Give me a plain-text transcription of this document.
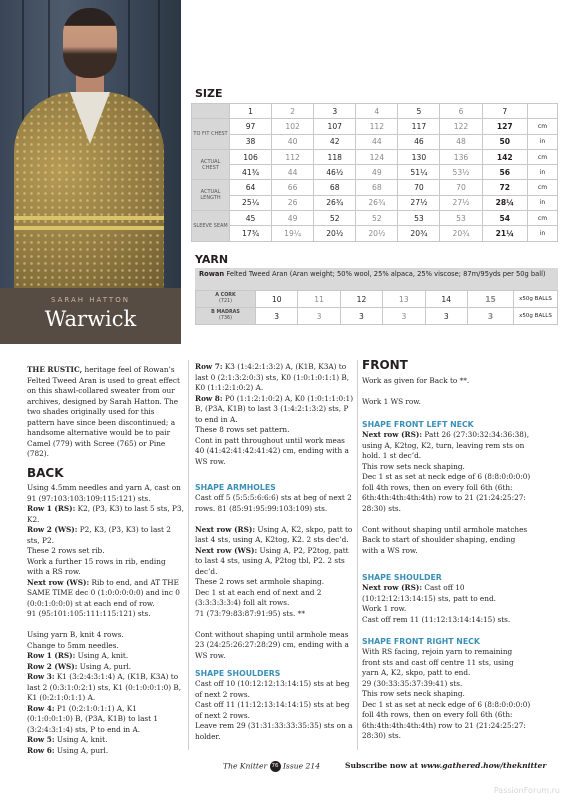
SARAH HATTON
Warwick
SIZE
	1	2	3	4	5	6	7	
TO FIT CHEST	97	102	107	112	117	122	127	cm
	38	40	42	44	46	48	50	in
ACTUAL CHEST	106	112	118	124	130	136	142	cm
	41¾	44	46½	49	51¼	53½	56	in
ACTUAL LENGTH	64	66	68	68	70	70	72	cm
	25¼	26	26¾	26¾	27½	27½	28¼	in
SLEEVE SEAM	45	49	52	52	53	53	54	cm
	17¾	19¼	20½	20½	20¾	20¾	21¼	in
YARN
Rowan Felted Tweed Aran (Aran weight; 50% wool, 25% alpaca, 25% viscose; 87m/95yds per 50g ball)
A CORK
(721)	10	11	12	13	14	15	x50g BALLS
B MADRAS
(736)	3	3	3	3	3	3	x50g BALLS

THE RUSTIC, heritage feel of Rowan’s Felted Tweed Aran is used to great effect on this shawl-collared sweater from our archives, designed by Sarah Hatton. The two shades originally used for this pattern have since been discontinued; a handsome alternative would be to pair Camel (779) with Scree (765) or Pine (782).

BACK

Using 4.5mm needles and yarn A, cast on 91 (97:103:103:109:115:121) sts.

Row 1 (RS): K2, (P3, K3) to last 5 sts, P3, K2.

Row 2 (WS): P2, K3, (P3, K3) to last 2 sts, P2.

These 2 rows set rib.

Work a further 15 rows in rib, ending with a RS row.

Next row (WS): Rib to end, and AT THE SAME TIME dec 0 (1:0:0:0:0:0) and inc 0 (0:0:1:0:0:0) st at each end of row.

91 (95:101:105:111:115:121) sts.

Using yarn B, knit 4 rows.

Change to 5mm needles.

Row 1 (RS): Using A, knit.

Row 2 (WS): Using A, purl.

Row 3: K1 (3:2:4:3:1:4) A, (K1B, K3A) to last 2 (0:3:1:0:2:1) sts, K1 (0:1:0:0:1:0) B, K1 (0:2:1:0:1:1) A.

Row 4: P1 (0:2:1:0:1:1) A, K1 (0:1:0:0:1:0) B, (P3A, K1B) to last 1 (3:2:4:3:1:4) sts, P to end in A.

Row 5: Using A, knit.

Row 6: Using A, purl.

Row 7: K3 (1:4:2:1:3:2) A, (K1B, K3A) to last 0 (2:1:3:2:0:3) sts, K0 (1:0:1:0:1:1) B, K0 (1:1:2:1:0:2) A.

Row 8: P0 (1:1:2:1:0:2) A, K0 (1:0:1:1:0:1) B, (P3A, K1B) to last 3 (1:4:2:1:3:2) sts, P to end in A.

These 8 rows set pattern.

Cont in patt throughout until work meas 40 (41:42:41:42:41:42) cm, ending with a WS row.

SHAPE ARMHOLES

Cast off 5 (5:5:5:6:6:6) sts at beg of next 2 rows. 81 (85:91:95:99:103:109) sts.

Next row (RS): Using A, K2, skpo, patt to last 4 sts, using A, K2tog, K2. 2 sts dec’d.

Next row (WS): Using A, P2, P2tog, patt to last 4 sts, using A, P2tog tbl, P2. 2 sts dec’d.

These 2 rows set armhole shaping.

Dec 1 st at each end of next and 2 (3:3:3:3:3:4) foll alt rows.

71 (73:79:83:87:91:95) sts. **

Cont without shaping until armhole meas 23 (24:25:26:27:28:29) cm, ending with a WS row.

SHAPE SHOULDERS

Cast off 10 (10:12:12:13:14:15) sts at beg of next 2 rows.

Cast off 11 (11:12:13:14:14:15) sts at beg of next 2 rows.

Leave rem 29 (31:31:33:33:35:35) sts on a holder.

FRONT

Work as given for Back to **.

Work 1 WS row.

SHAPE FRONT LEFT NECK

Next row (RS): Patt 26 (27:30:32:34:36:38), using A, K2tog, K2, turn, leaving rem sts on hold. 1 st dec’d.

This row sets neck shaping.

Dec 1 st as set at neck edge of 6 (8:8:0:0:0:0) foll 4th rows, then on every foll 6th (6th: 6th:4th:4th:4th:4th) row to 21 (21:24:25:27: 28:30) sts.

Cont without shaping until armhole matches Back to start of shoulder shaping, ending with a WS row.

SHAPE SHOULDER

Next row (RS): Cast off 10 (10:12:12:13:14:15) sts, patt to end.

Work 1 row.

Cast off rem 11 (11:12:13:14:14:15) sts.

SHAPE FRONT RIGHT NECK

With RS facing, rejoin yarn to remaining front sts and cast off centre 11 sts, using yarn A, K2, skpo, patt to end.

29 (30:33:35:37:39:41) sts.

This row sets neck shaping.

Dec 1 st as set at neck edge of 6 (8:8:0:0:0:0) foll 4th rows, then on every foll 6th (6th: 6th:4th:4th:4th:4th) row to 21 (21:24:25:27: 28:30) sts.

The Knitter 76 Issue 214	Subscribe now at www.gathered.how/theknitter
PassionForum.ru
